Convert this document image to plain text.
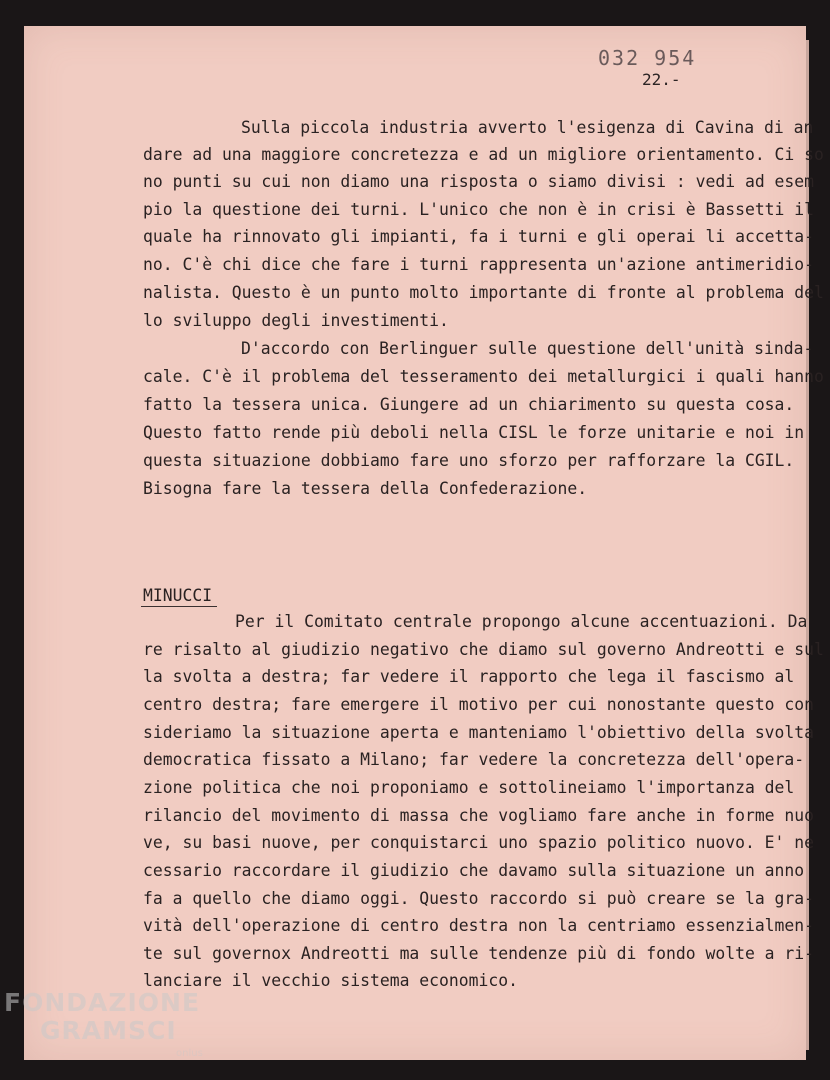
032 954
22.-
Sulla piccola industria avverto l'esigenza di Cavina di an
dare ad una maggiore concretezza e ad un migliore orientamento. Ci so
no punti su cui non diamo una risposta o siamo divisi : vedi ad esem
pio la questione dei turni. L'unico che non è in crisi è Bassetti il
quale ha rinnovato gli impianti, fa i turni e gli operai li accetta-
no. C'è chi dice che fare i turni rappresenta un'azione antimeridio-
nalista. Questo è un punto molto importante di fronte al problema del
lo sviluppo degli investimenti.
D'accordo con Berlinguer sulle questione dell'unità sinda-
cale. C'è il problema del tesseramento dei metallurgici i quali hanno
fatto la tessera unica. Giungere ad un chiarimento su questa cosa.
Questo fatto rende più deboli nella CISL le forze unitarie e noi in
questa situazione dobbiamo fare uno sforzo per rafforzare la CGIL.
Bisogna fare la tessera della Confederazione.
MINUCCI
Per il Comitato centrale propongo alcune accentuazioni. Da
re risalto al giudizio negativo che diamo sul governo Andreotti e sul
la svolta a destra; far vedere il rapporto che lega il fascismo al
centro destra; fare emergere il motivo per cui nonostante questo con
sideriamo la situazione aperta e manteniamo l'obiettivo della svolta
democratica fissato a Milano; far vedere la concretezza dell'opera-
zione politica che noi proponiamo e sottolineiamo l'importanza del
rilancio del movimento di massa che vogliamo fare anche in forme nuo
ve, su basi nuove, per conquistarci uno spazio politico nuovo. E' ne
cessario raccordare il giudizio che davamo sulla situazione un anno
fa a quello che diamo oggi. Questo raccordo si può creare se la gra-
vità dell'operazione di centro destra non la centriamo essenzialmen-
te sul governox Andreotti ma sulle tendenze più di fondo wolte a ri-
lanciare il vecchio sistema economico.
FONDAZIONE
GRAMSCI
onlus
